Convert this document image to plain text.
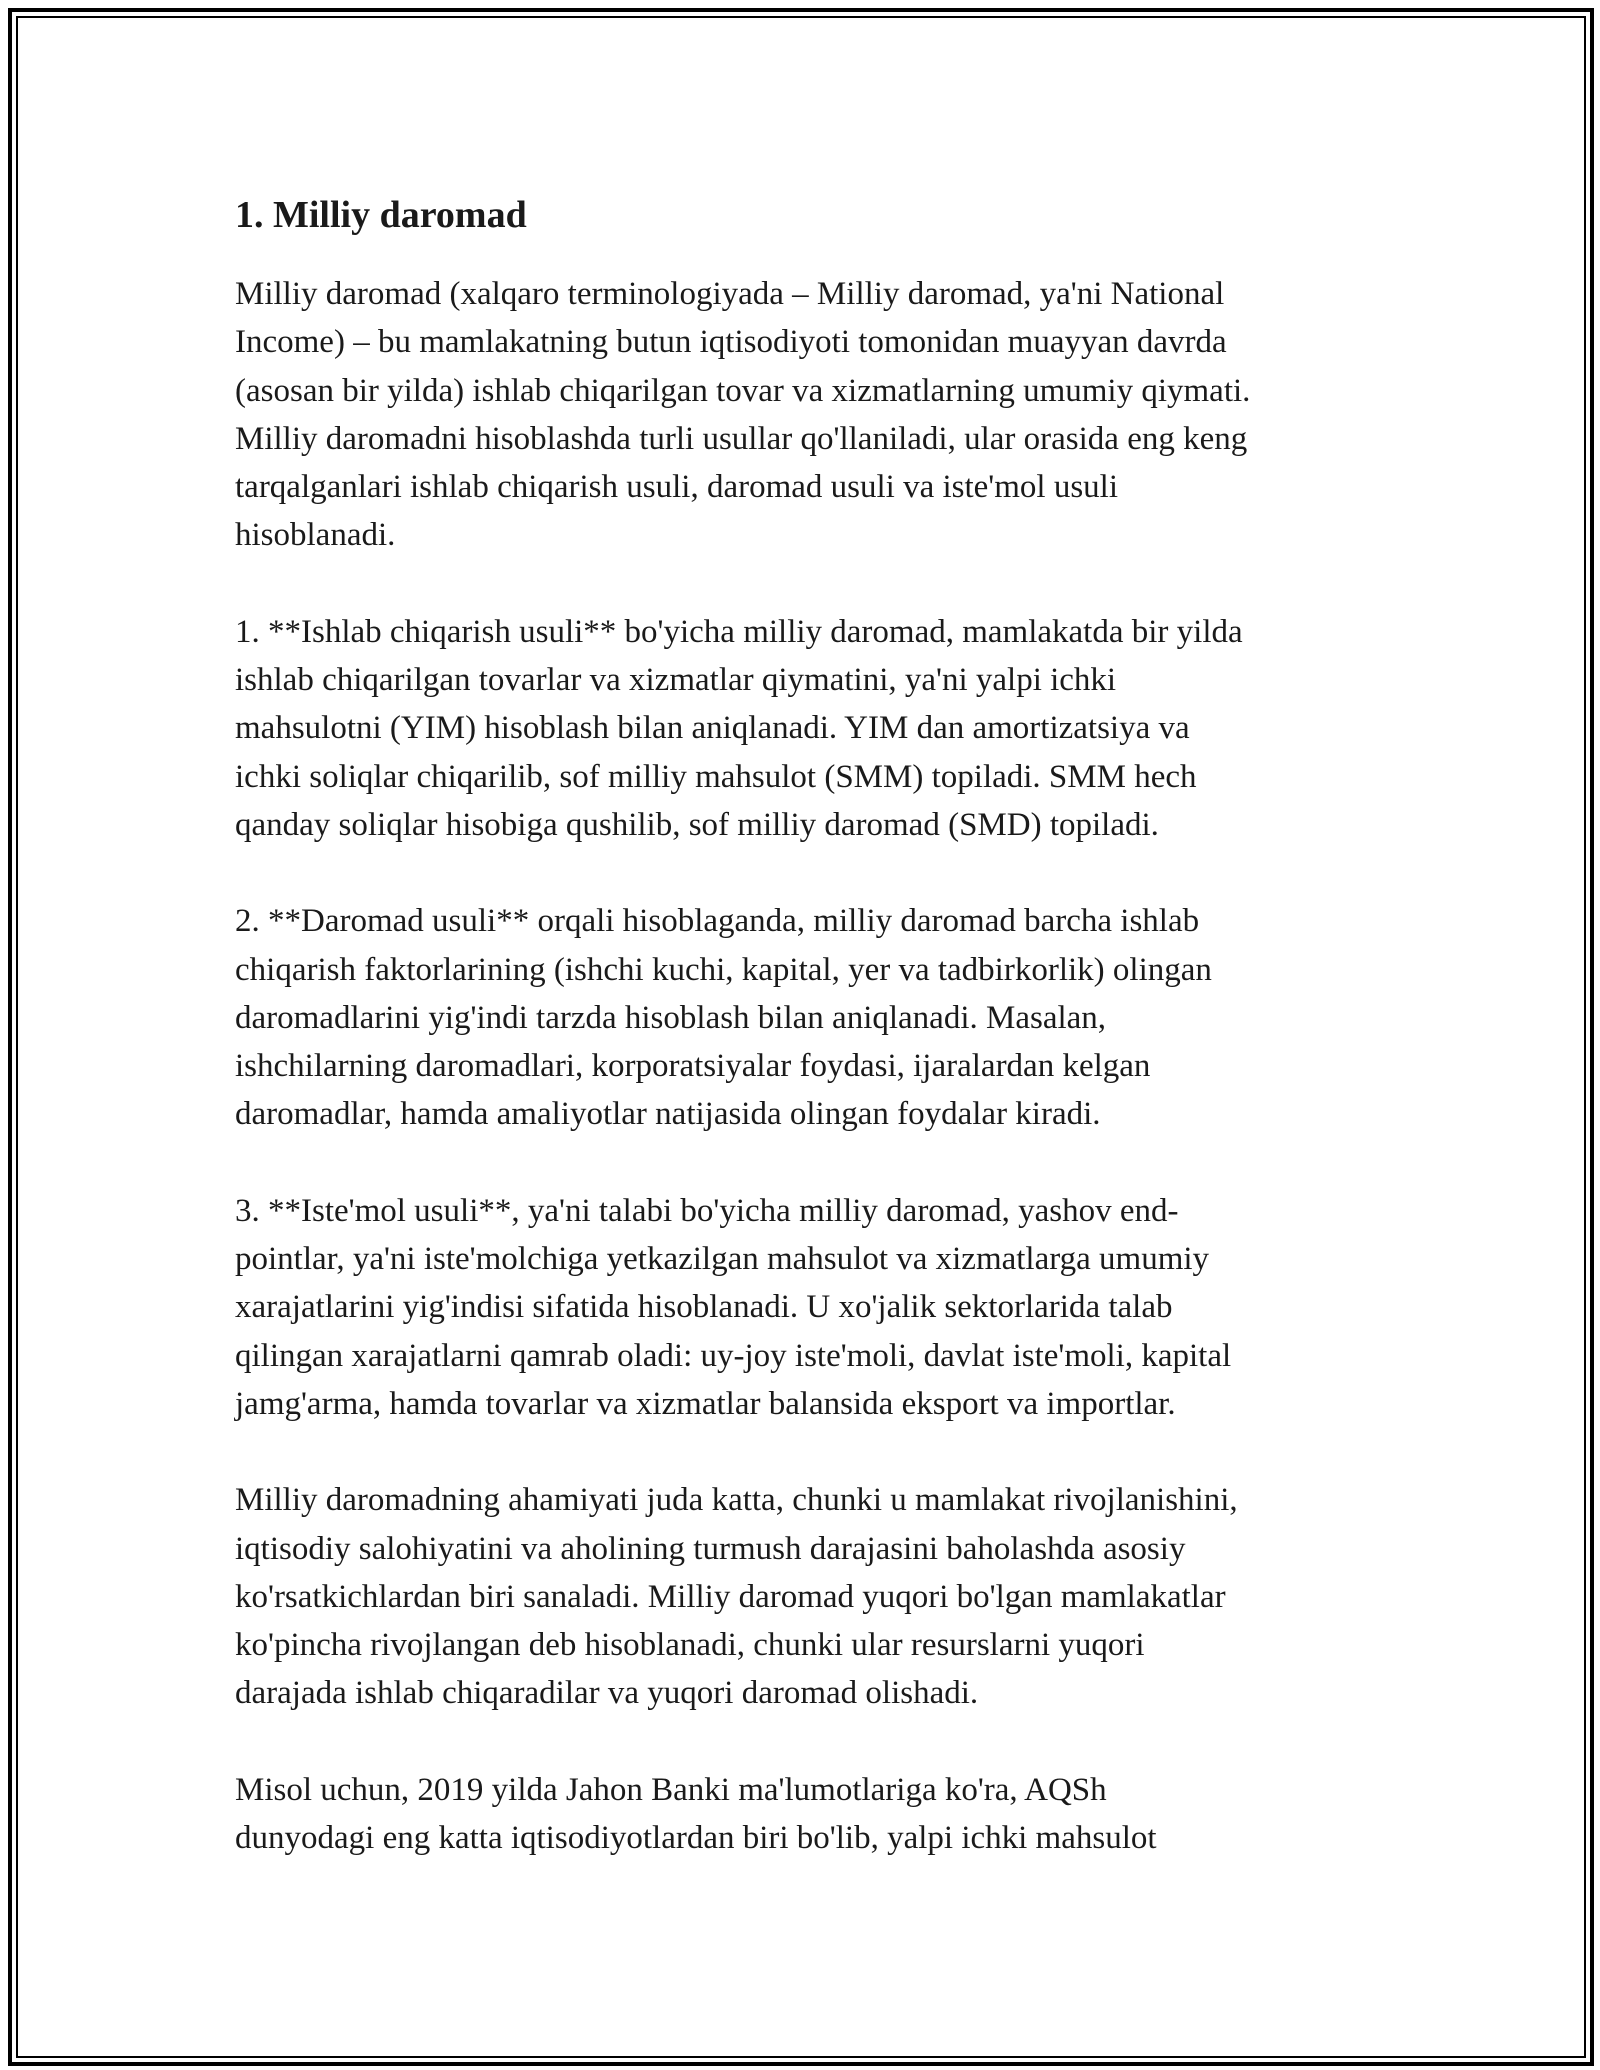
1. Milliy daromad

Milliy daromad (xalqaro terminologiyada – Milliy daromad, ya'ni National
Income) – bu mamlakatning butun iqtisodiyoti tomonidan muayyan davrda
(asosan bir yilda) ishlab chiqarilgan tovar va xizmatlarning umumiy qiymati.
Milliy daromadni hisoblashda turli usullar qo'llaniladi, ular orasida eng keng
tarqalganlari ishlab chiqarish usuli, daromad usuli va iste'mol usuli
hisoblanadi.

1. **Ishlab chiqarish usuli** bo'yicha milliy daromad, mamlakatda bir yilda
ishlab chiqarilgan tovarlar va xizmatlar qiymatini, ya'ni yalpi ichki
mahsulotni (YIM) hisoblash bilan aniqlanadi. YIM dan amortizatsiya va
ichki soliqlar chiqarilib, sof milliy mahsulot (SMM) topiladi. SMM hech
qanday soliqlar hisobiga qushilib, sof milliy daromad (SMD) topiladi.

2. **Daromad usuli** orqali hisoblaganda, milliy daromad barcha ishlab
chiqarish faktorlarining (ishchi kuchi, kapital, yer va tadbirkorlik) olingan
daromadlarini yig'indi tarzda hisoblash bilan aniqlanadi. Masalan,
ishchilarning daromadlari, korporatsiyalar foydasi, ijaralardan kelgan
daromadlar, hamda amaliyotlar natijasida olingan foydalar kiradi.

3. **Iste'mol usuli**, ya'ni talabi bo'yicha milliy daromad, yashov end-
pointlar, ya'ni iste'molchiga yetkazilgan mahsulot va xizmatlarga umumiy
xarajatlarini yig'indisi sifatida hisoblanadi. U xo'jalik sektorlarida talab
qilingan xarajatlarni qamrab oladi: uy-joy iste'moli, davlat iste'moli, kapital
jamg'arma, hamda tovarlar va xizmatlar balansida eksport va importlar.

Milliy daromadning ahamiyati juda katta, chunki u mamlakat rivojlanishini,
iqtisodiy salohiyatini va aholining turmush darajasini baholashda asosiy
ko'rsatkichlardan biri sanaladi. Milliy daromad yuqori bo'lgan mamlakatlar
ko'pincha rivojlangan deb hisoblanadi, chunki ular resurslarni yuqori
darajada ishlab chiqaradilar va yuqori daromad olishadi.

Misol uchun, 2019 yilda Jahon Banki ma'lumotlariga ko'ra, AQSh
dunyodagi eng katta iqtisodiyotlardan biri bo'lib, yalpi ichki mahsulot
